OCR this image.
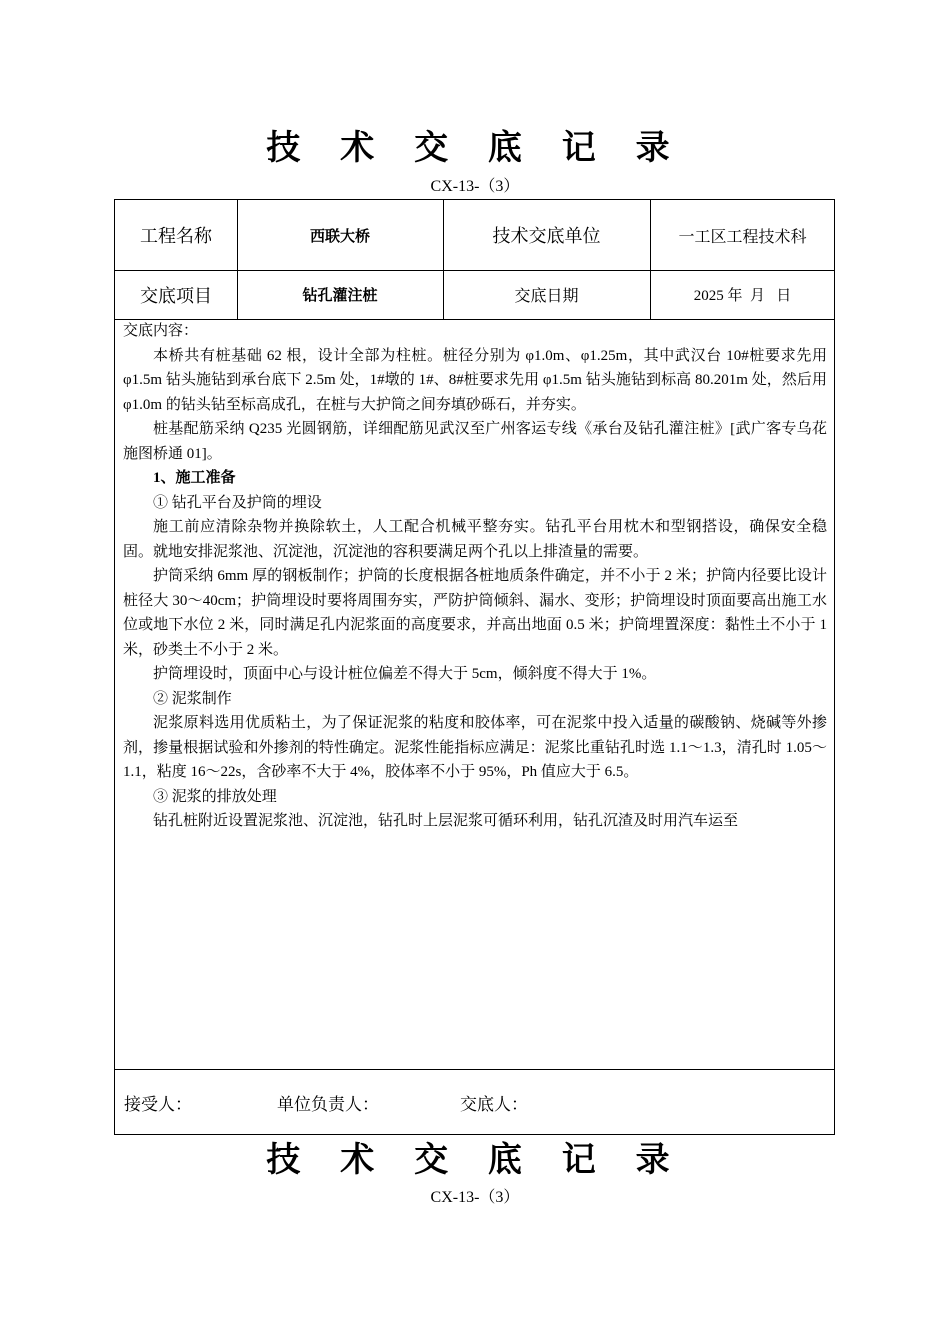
技 术 交 底 记 录
CX-13-（3）
工程名称	西联大桥	技术交底单位	一工区工程技术科
交底项目	钻孔灌注桩	交底日期	2025 年  月   日

交底内容：

本桥共有桩基础 62 根，设计全部为柱桩。桩径分别为 φ1.0m、φ1.25m，其中武汉台 10#桩要求先用 φ1.5m 钻头施钻到承台底下 2.5m 处，1#墩的 1#、8#桩要求先用 φ1.5m 钻头施钻到标高 80.201m 处，然后用 φ1.0m 的钻头钻至标高成孔，在桩与大护筒之间夯填砂砾石，并夯实。

桩基配筋采纳 Q235 光圆钢筋，详细配筋见武汉至广州客运专线《承台及钻孔灌注桩》[武广客专乌花施图桥通 01]。

1、施工准备

① 钻孔平台及护筒的埋设

施工前应清除杂物并换除软土，人工配合机械平整夯实。钻孔平台用枕木和型钢搭设，确保安全稳固。就地安排泥浆池、沉淀池，沉淀池的容积要满足两个孔以上排渣量的需要。

护筒采纳 6mm 厚的钢板制作；护筒的长度根据各桩地质条件确定，并不小于 2 米；护筒内径要比设计桩径大 30～40cm；护筒埋设时要将周围夯实，严防护筒倾斜、漏水、变形；护筒埋设时顶面要高出施工水位或地下水位 2 米，同时满足孔内泥浆面的高度要求，并高出地面 0.5 米；护筒埋置深度：黏性土不小于 1 米，砂类土不小于 2 米。

护筒埋设时，顶面中心与设计桩位偏差不得大于 5cm，倾斜度不得大于 1%。

② 泥浆制作

泥浆原料选用优质粘土，为了保证泥浆的粘度和胶体率，可在泥浆中投入适量的碳酸钠、烧碱等外掺剂，掺量根据试验和外掺剂的特性确定。泥浆性能指标应满足：泥浆比重钻孔时选 1.1～1.3，清孔时 1.05～1.1，粘度 16～22s，含砂率不大于 4%，胶体率不小于 95%，Ph 值应大于 6.5。

③ 泥浆的排放处理

钻孔桩附近设置泥浆池、沉淀池，钻孔时上层泥浆可循环利用，钻孔沉渣及时用汽车运至

接受人：	单位负责人：	交底人：
技 术 交 底 记 录
CX-13-（3）
